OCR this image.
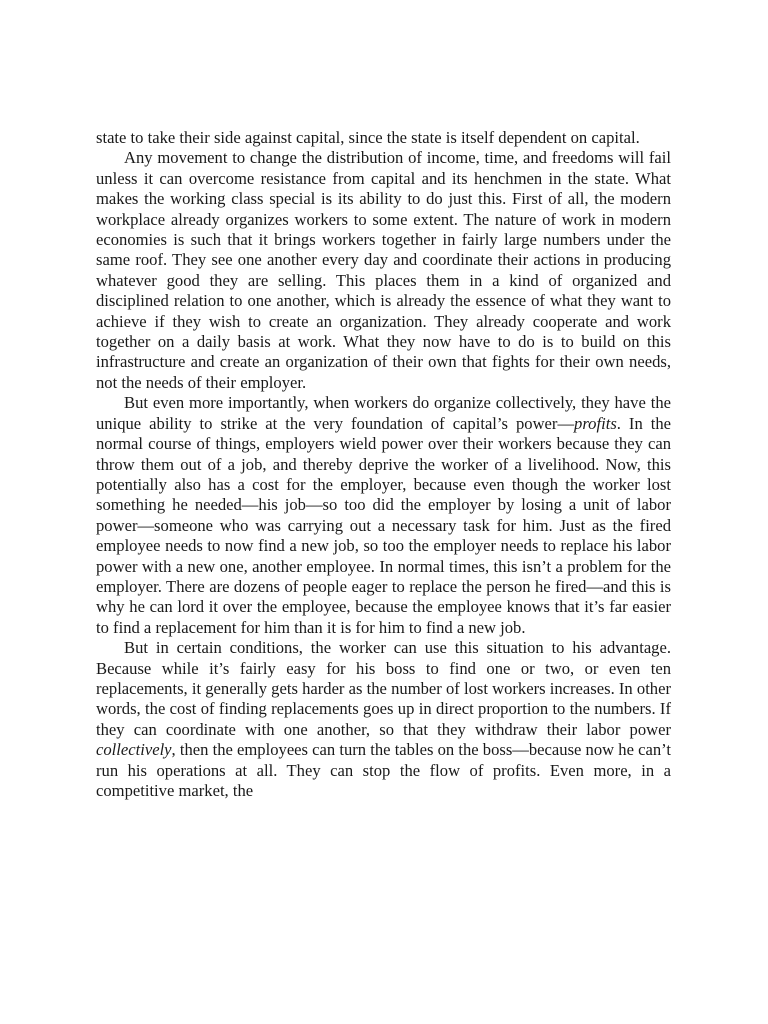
state to take their side against capital, since the state is itself dependent on capital.

Any movement to change the distribution of income, time, and freedoms will fail unless it can overcome resistance from capital and its henchmen in the state. What makes the working class special is its ability to do just this. First of all, the modern workplace already organizes workers to some extent. The nature of work in modern economies is such that it brings workers together in fairly large numbers under the same roof. They see one another every day and coordinate their actions in producing whatever good they are selling. This places them in a kind of organized and disciplined relation to one another, which is already the essence of what they want to achieve if they wish to create an organization. They already cooperate and work together on a daily basis at work. What they now have to do is to build on this infrastructure and create an organization of their own that fights for their own needs, not the needs of their employer.

But even more importantly, when workers do organize collectively, they have the unique ability to strike at the very foundation of capital’s power—profits. In the normal course of things, employers wield power over their workers because they can throw them out of a job, and thereby deprive the worker of a livelihood. Now, this potentially also has a cost for the employer, because even though the worker lost something he needed—his job—so too did the employer by losing a unit of labor power—someone who was carrying out a necessary task for him. Just as the fired employee needs to now find a new job, so too the employer needs to replace his labor power with a new one, another employee. In normal times, this isn’t a problem for the employer. There are dozens of people eager to replace the person he fired—and this is why he can lord it over the employee, because the employee knows that it’s far easier to find a replacement for him than it is for him to find a new job.

But in certain conditions, the worker can use this situation to his advantage. Because while it’s fairly easy for his boss to find one or two, or even ten replacements, it generally gets harder as the number of lost workers increases. In other words, the cost of finding replacements goes up in direct proportion to the numbers. If they can coordinate with one another, so that they withdraw their labor power collectively, then the employees can turn the tables on the boss—because now he can’t run his operations at all. They can stop the flow of profits. Even more, in a competitive market, the
